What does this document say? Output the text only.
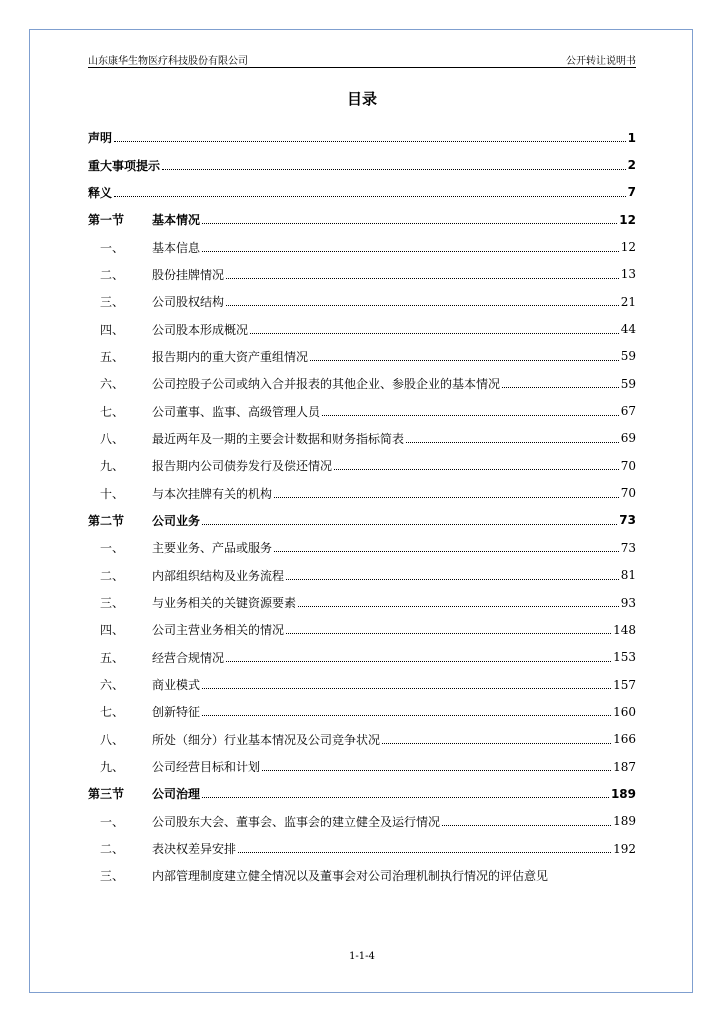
山东康华生物医疗科技股份有限公司	公开转让说明书
目录
声明	1
重大事项提示	2
释义	7
第一节	基本情况	12
一、	基本信息	12
二、	股份挂牌情况	13
三、	公司股权结构	21
四、	公司股本形成概况	44
五、	报告期内的重大资产重组情况	59
六、	公司控股子公司或纳入合并报表的其他企业、参股企业的基本情况	59
七、	公司董事、监事、高级管理人员	67
八、	最近两年及一期的主要会计数据和财务指标简表	69
九、	报告期内公司债券发行及偿还情况	70
十、	与本次挂牌有关的机构	70
第二节	公司业务	73
一、	主要业务、产品或服务	73
二、	内部组织结构及业务流程	81
三、	与业务相关的关键资源要素	93
四、	公司主营业务相关的情况	148
五、	经营合规情况	153
六、	商业模式	157
七、	创新特征	160
八、	所处（细分）行业基本情况及公司竞争状况	166
九、	公司经营目标和计划	187
第三节	公司治理	189
一、	公司股东大会、董事会、监事会的建立健全及运行情况	189
二、	表决权差异安排	192
三、	内部管理制度建立健全情况以及董事会对公司治理机制执行情况的评估意见
1-1-4
